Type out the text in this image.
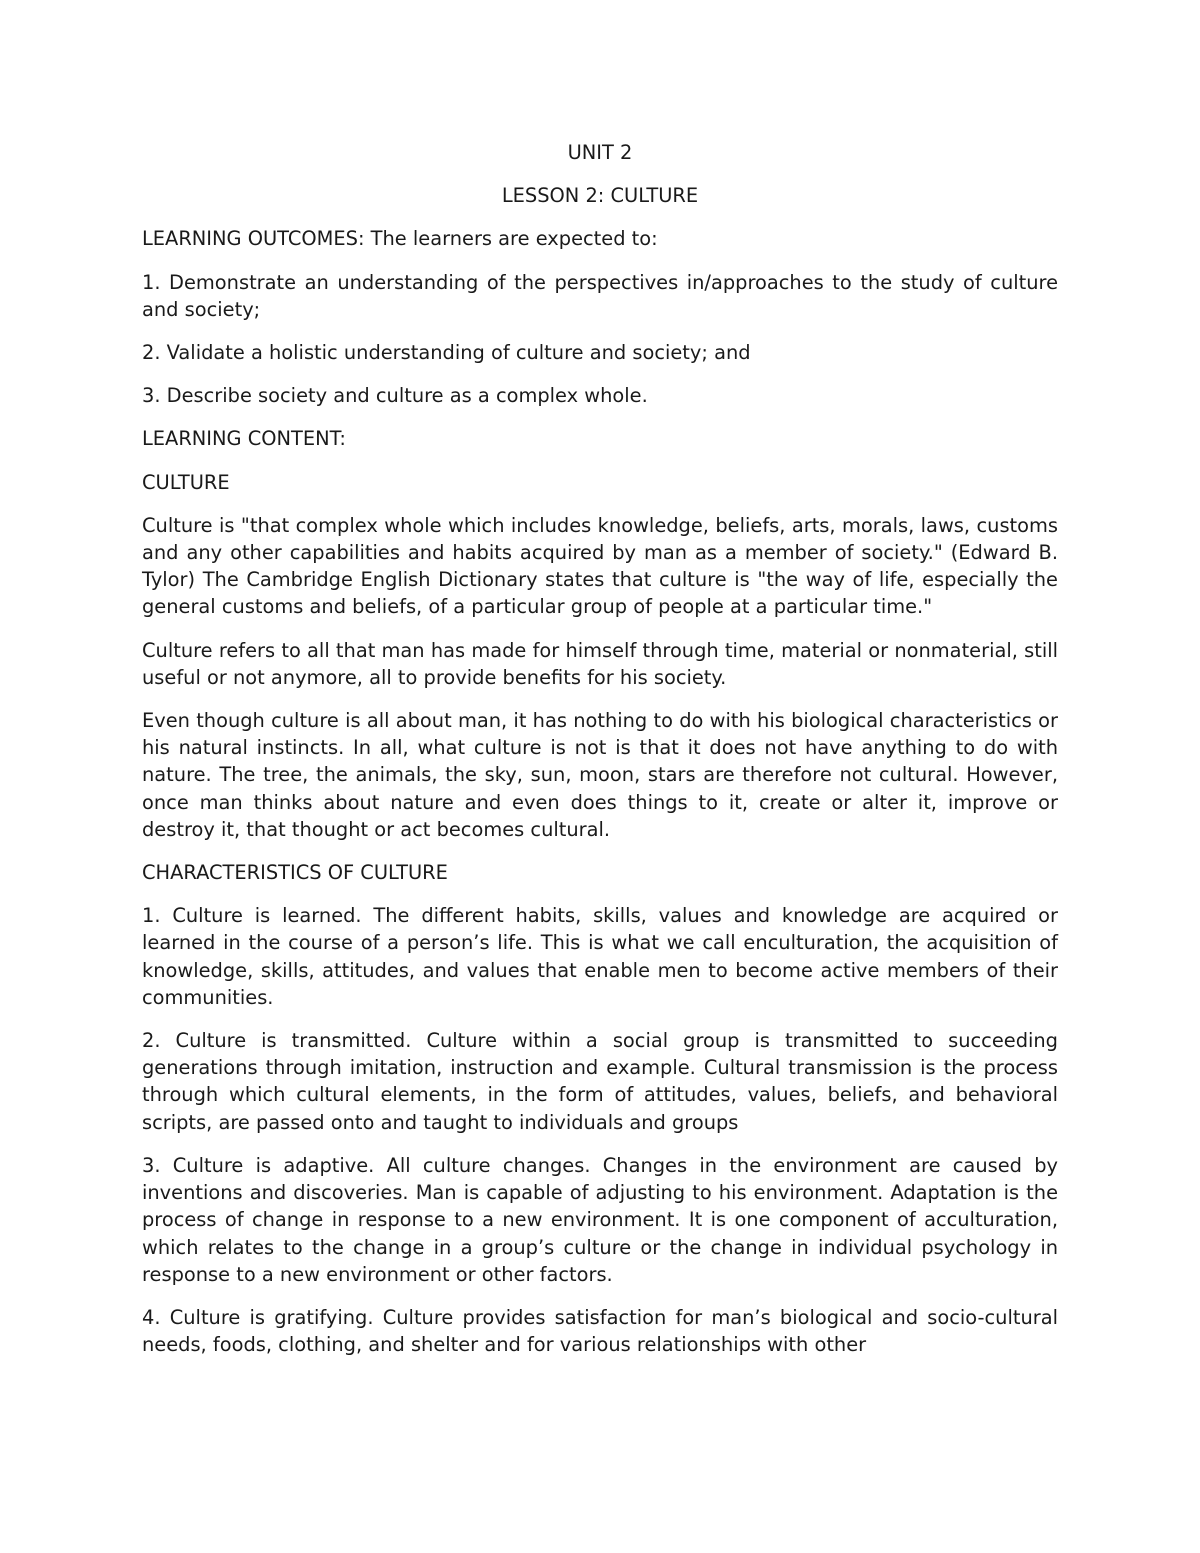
UNIT 2

LESSON 2: CULTURE

LEARNING OUTCOMES: The learners are expected to:

1. Demonstrate an understanding of the perspectives in/approaches to the study of culture and society;

2. Validate a holistic understanding of culture and society; and

3. Describe society and culture as a complex whole.

LEARNING CONTENT:

CULTURE

Culture is "that complex whole which includes knowledge, beliefs, arts, morals, laws, customs and any other capabilities and habits acquired by man as a member of society." (Edward B. Tylor) The Cambridge English Dictionary states that culture is "the way of life, especially the general customs and beliefs, of a particular group of people at a particular time."

Culture refers to all that man has made for himself through time, material or nonmaterial, still useful or not anymore, all to provide benefits for his society.

Even though culture is all about man, it has nothing to do with his biological characteristics or his natural instincts. In all, what culture is not is that it does not have anything to do with nature. The tree, the animals, the sky, sun, moon, stars are therefore not cultural. However, once man thinks about nature and even does things to it, create or alter it, improve or destroy it, that thought or act becomes cultural.

CHARACTERISTICS OF CULTURE

1. Culture is learned. The different habits, skills, values and knowledge are acquired or learned in the course of a person’s life. This is what we call enculturation, the acquisition of knowledge, skills, attitudes, and values that enable men to become active members of their communities.

2. Culture is transmitted. Culture within a social group is transmitted to succeeding generations through imitation, instruction and example. Cultural transmission is the process through which cultural elements, in the form of attitudes, values, beliefs, and behavioral scripts, are passed onto and taught to individuals and groups

3. Culture is adaptive. All culture changes. Changes in the environment are caused by inventions and discoveries. Man is capable of adjusting to his environment. Adaptation is the process of change in response to a new environment. It is one component of acculturation, which relates to the change in a group’s culture or the change in individual psychology in response to a new environment or other factors.

4. Culture is gratifying. Culture provides satisfaction for man’s biological and socio-cultural needs, foods, clothing, and shelter and for various relationships with other
